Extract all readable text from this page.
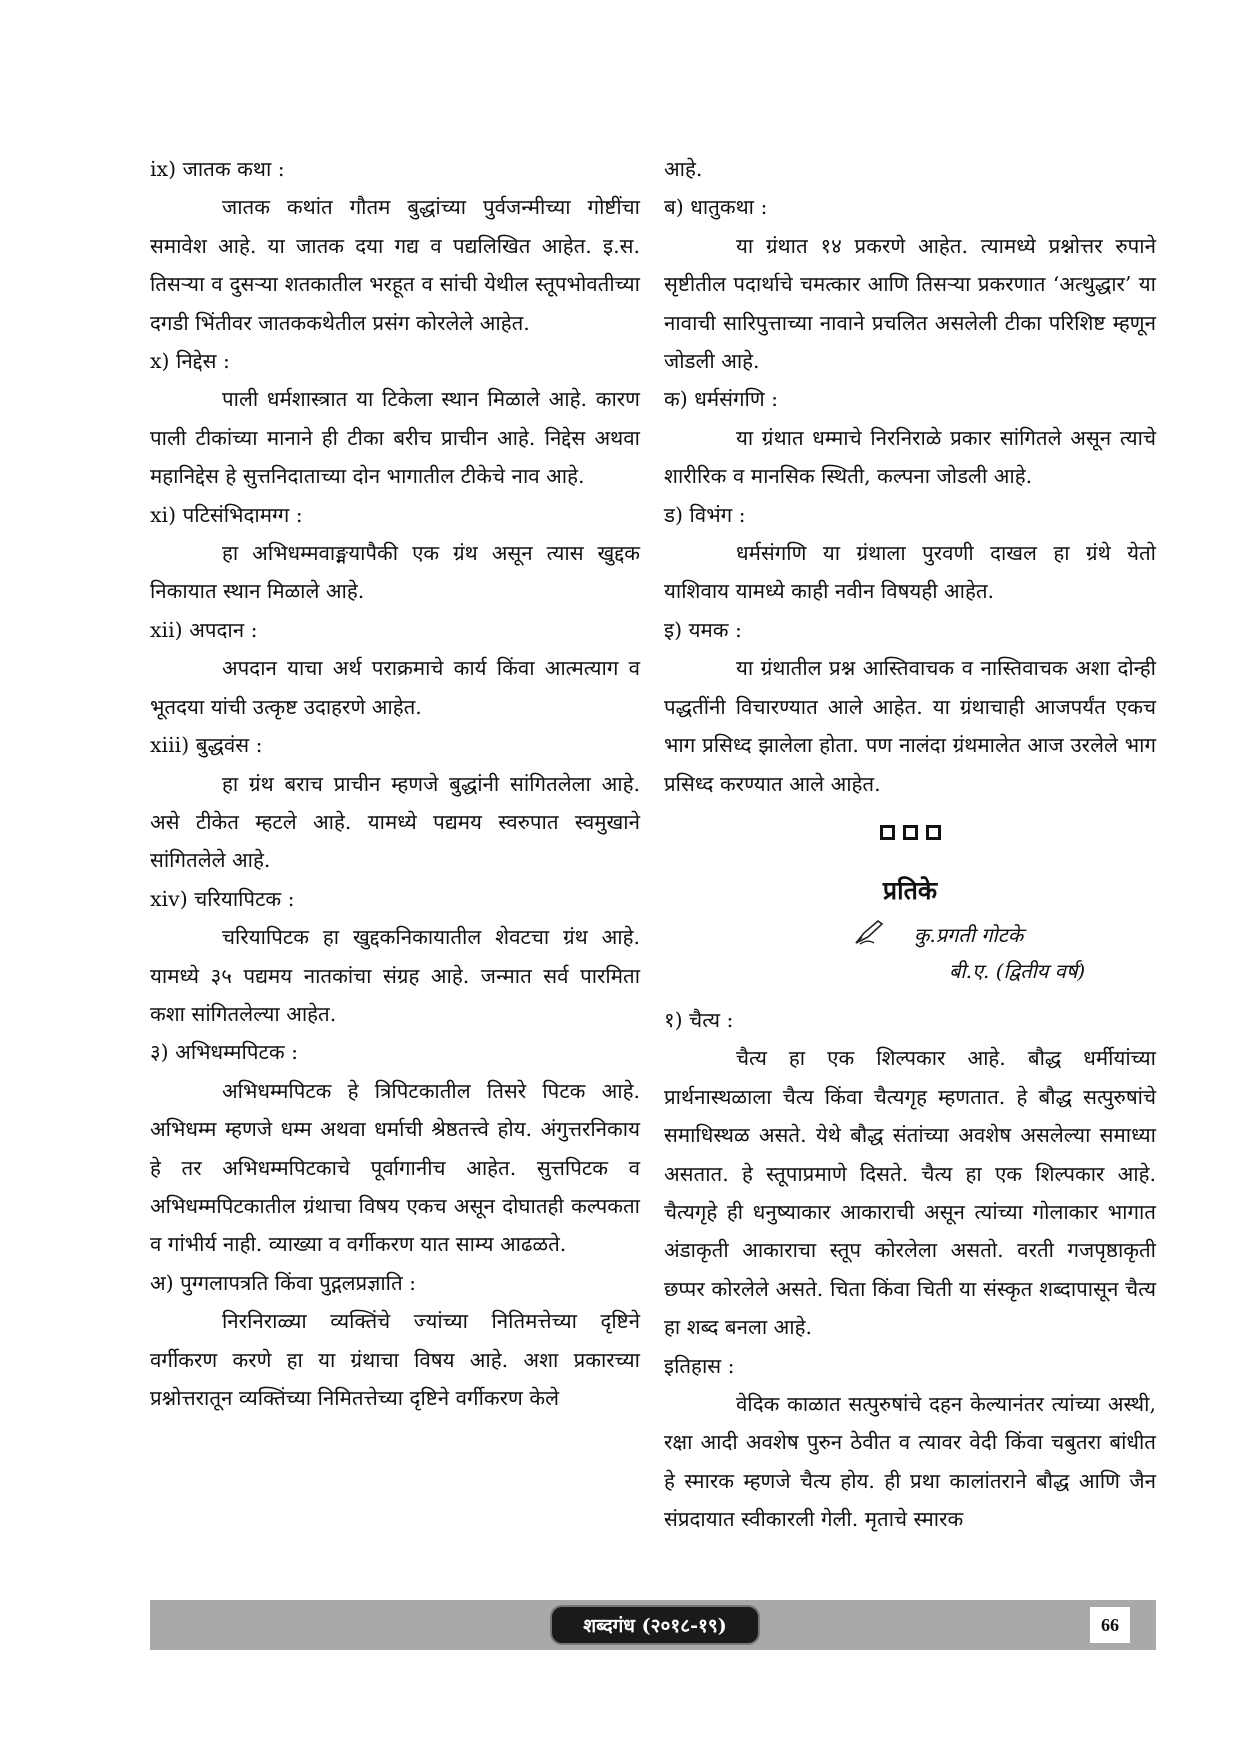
ix) जातक कथा :
जातक कथांत गौतम बुद्धांच्या पुर्वजन्मीच्या गोष्टींचा समावेश आहे. या जातक दया गद्य व पद्यलिखित आहेत. इ.स. तिसऱ्या व दुसऱ्या शतकातील भरहूत व सांची येथील स्तूपभोवतीच्या दगडी भिंतीवर जातककथेतील प्रसंग कोरलेले आहेत.
x) निद्देस :
पाली धर्मशास्त्रात या टिकेला स्थान मिळाले आहे. कारण पाली टीकांच्या मानाने ही टीका बरीच प्राचीन आहे. निद्देस अथवा महानिद्देस हे सुत्तनिदाताच्या दोन भागातील टीकेचे नाव आहे.
xi) पटिसंभिदामग्ग :
हा अभिधम्मवाङ्मयापैकी एक ग्रंथ असून त्यास खुद्दक निकायात स्थान मिळाले आहे.
xii) अपदान :
अपदान याचा अर्थ पराक्रमाचे कार्य किंवा आत्मत्याग व भूतदया यांची उत्कृष्ट उदाहरणे आहेत.
xiii) बुद्धवंस :
हा ग्रंथ बराच प्राचीन म्हणजे बुद्धांनी सांगितलेला आहे. असे टीकेत म्हटले आहे. यामध्ये पद्यमय स्वरुपात स्वमुखाने सांगितलेले आहे.
xiv) चरियापिटक :
चरियापिटक हा खुद्दकनिकायातील शेवटचा ग्रंथ आहे. यामध्ये ३५ पद्यमय नातकांचा संग्रह आहे. जन्मात सर्व पारमिता कशा सांगितलेल्या आहेत.
३) अभिधम्मपिटक :
अभिधम्मपिटक हे त्रिपिटकातील तिसरे पिटक आहे. अभिधम्म म्हणजे धम्म अथवा धर्माची श्रेष्ठतत्त्वे होय. अंगुत्तरनिकाय हे तर अभिधम्मपिटकाचे पूर्वागानीच आहेत. सुत्तपिटक व अभिधम्मपिटकातील ग्रंथाचा विषय एकच असून दोघातही कल्पकता व गांभीर्य नाही. व्याख्या व वर्गीकरण यात साम्य आढळते.
अ) पुग्गलापत्रति किंवा पुद्गलप्रज्ञाति :
निरनिराळ्या व्यक्तिंचे ज्यांच्या नितिमत्तेच्या दृष्टिने वर्गीकरण करणे हा या ग्रंथाचा विषय आहे. अशा प्रकारच्या प्रश्नोत्तरातून व्यक्तिंच्या निमितत्तेच्या दृष्टिने वर्गीकरण केले
आहे.
ब) धातुकथा :
या ग्रंथात १४ प्रकरणे आहेत. त्यामध्ये प्रश्नोत्तर रुपाने सृष्टीतील पदार्थाचे चमत्कार आणि तिसऱ्या प्रकरणात ‘अत्थुद्धार’ या नावाची सारिपुत्ताच्या नावाने प्रचलित असलेली टीका परिशिष्ट म्हणून जोडली आहे.
क) धर्मसंगणि :
या ग्रंथात धम्माचे निरनिराळे प्रकार सांगितले असून त्याचे शारीरिक व मानसिक स्थिती, कल्पना जोडली आहे.
ड) विभंग :
धर्मसंगणि या ग्रंथाला पुरवणी दाखल हा ग्रंथे येतो याशिवाय यामध्ये काही नवीन विषयही आहेत.
इ) यमक :
या ग्रंथातील प्रश्न आस्तिवाचक व नास्तिवाचक अशा दोन्ही पद्धतींनी विचारण्यात आले आहेत. या ग्रंथाचाही आजपर्यंत एकच भाग प्रसिध्द झालेला होता. पण नालंदा ग्रंथमालेत आज उरलेले भाग प्रसिध्द करण्यात आले आहेत.
प्रतिके
कु.प्रगती गोटके
बी.ए. (द्वितीय वर्ष)
१) चैत्य :
चैत्य हा एक शिल्पकार आहे. बौद्ध धर्मीयांच्या प्रार्थनास्थळाला चैत्य किंवा चैत्यगृह म्हणतात. हे बौद्ध सत्पुरुषांचे समाधिस्थळ असते. येथे बौद्ध संतांच्या अवशेष असलेल्या समाध्या असतात. हे स्तूपाप्रमाणे दिसते. चैत्य हा एक शिल्पकार आहे. चैत्यगृहे ही धनुष्याकार आकाराची असून त्यांच्या गोलाकार भागात अंडाकृती आकाराचा स्तूप कोरलेला असतो. वरती गजपृष्ठाकृती छप्पर कोरलेले असते. चिता किंवा चिती या संस्कृत शब्दापासून चैत्य हा शब्द बनला आहे.
इतिहास :
वेदिक काळात सत्पुरुषांचे दहन केल्यानंतर त्यांच्या अस्थी, रक्षा आदी अवशेष पुरुन ठेवीत व त्यावर वेदी किंवा चबुतरा बांधीत हे स्मारक म्हणजे चैत्य होय. ही प्रथा कालांतराने बौद्ध आणि जैन संप्रदायात स्वीकारली गेली. मृताचे स्मारक
शब्दगंध (२०१८-१९)	66
